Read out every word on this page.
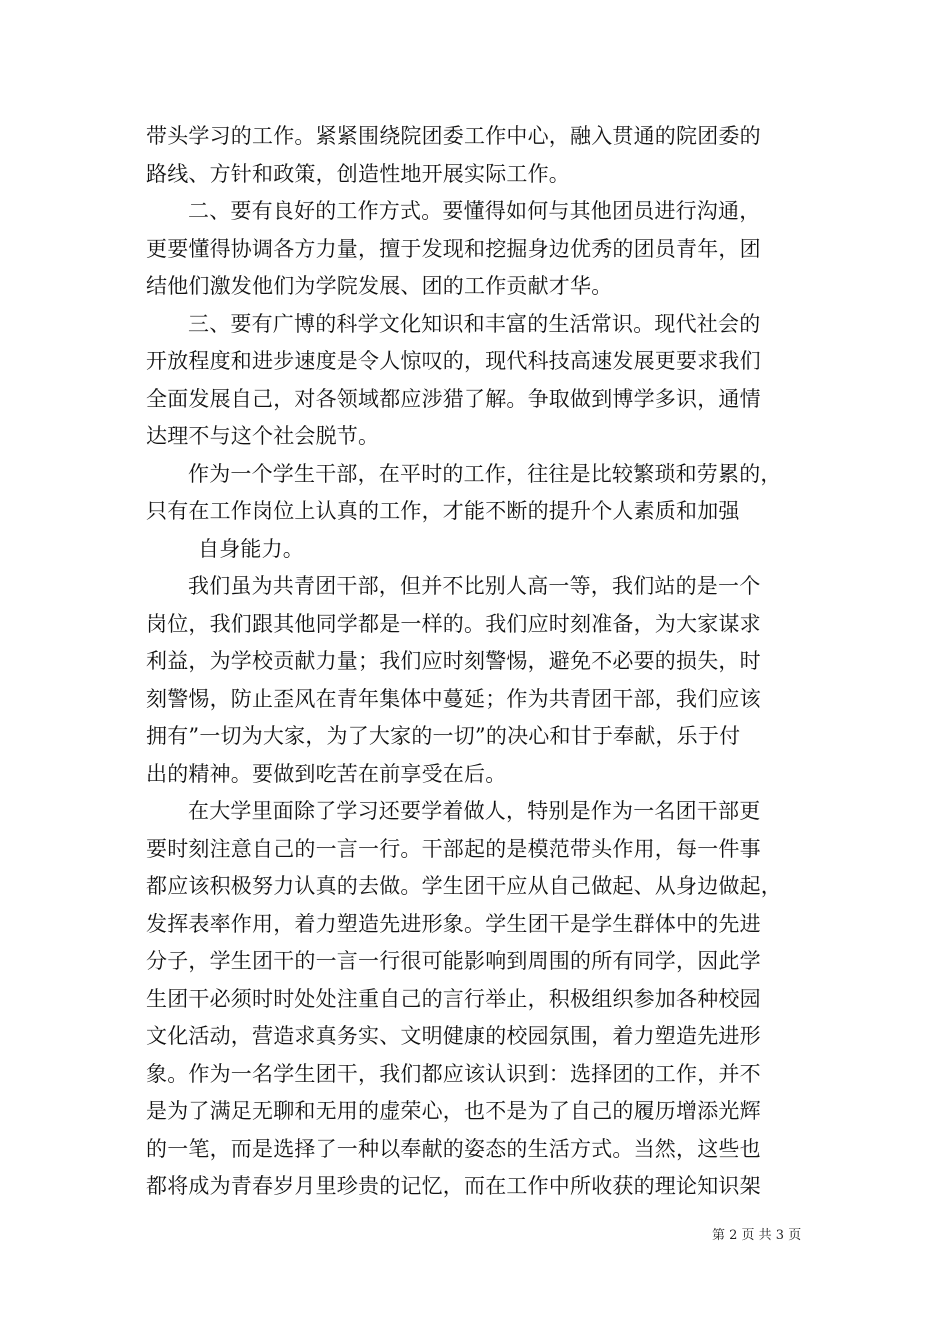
带头学习的工作。紧紧围绕院团委工作中心，融入贯通的院团委的
路线、方针和政策，创造性地开展实际工作。
二、要有良好的工作方式。要懂得如何与其他团员进行沟通，
更要懂得协调各方力量，擅于发现和挖掘身边优秀的团员青年，团
结他们激发他们为学院发展、团的工作贡献才华。
三、要有广博的科学文化知识和丰富的生活常识。现代社会的
开放程度和进步速度是令人惊叹的，现代科技高速发展更要求我们
全面发展自己，对各领域都应涉猎了解。争取做到博学多识，通情
达理不与这个社会脱节。
作为一个学生干部，在平时的工作，往往是比较繁琐和劳累的，
只有在工作岗位上认真的工作，才能不断的提升个人素质和加强
自身能力。
我们虽为共青团干部，但并不比别人高一等，我们站的是一个
岗位，我们跟其他同学都是一样的。我们应时刻准备，为大家谋求
利益，为学校贡献力量；我们应时刻警惕，避免不必要的损失，时
刻警惕，防止歪风在青年集体中蔓延；作为共青团干部，我们应该
拥有”一切为大家，为了大家的一切”的决心和甘于奉献，乐于付
出的精神。要做到吃苦在前享受在后。
在大学里面除了学习还要学着做人，特别是作为一名团干部更
要时刻注意自己的一言一行。干部起的是模范带头作用，每一件事
都应该积极努力认真的去做。学生团干应从自己做起、从身边做起，
发挥表率作用，着力塑造先进形象。学生团干是学生群体中的先进
分子，学生团干的一言一行很可能影响到周围的所有同学，因此学
生团干必须时时处处注重自己的言行举止，积极组织参加各种校园
文化活动，营造求真务实、文明健康的校园氛围，着力塑造先进形
象。作为一名学生团干，我们都应该认识到：选择团的工作，并不
是为了满足无聊和无用的虚荣心，也不是为了自己的履历增添光辉
的一笔，而是选择了一种以奉献的姿态的生活方式。当然，这些也
都将成为青春岁月里珍贵的记忆，而在工作中所收获的理论知识架
第 2 页 共 3 页
